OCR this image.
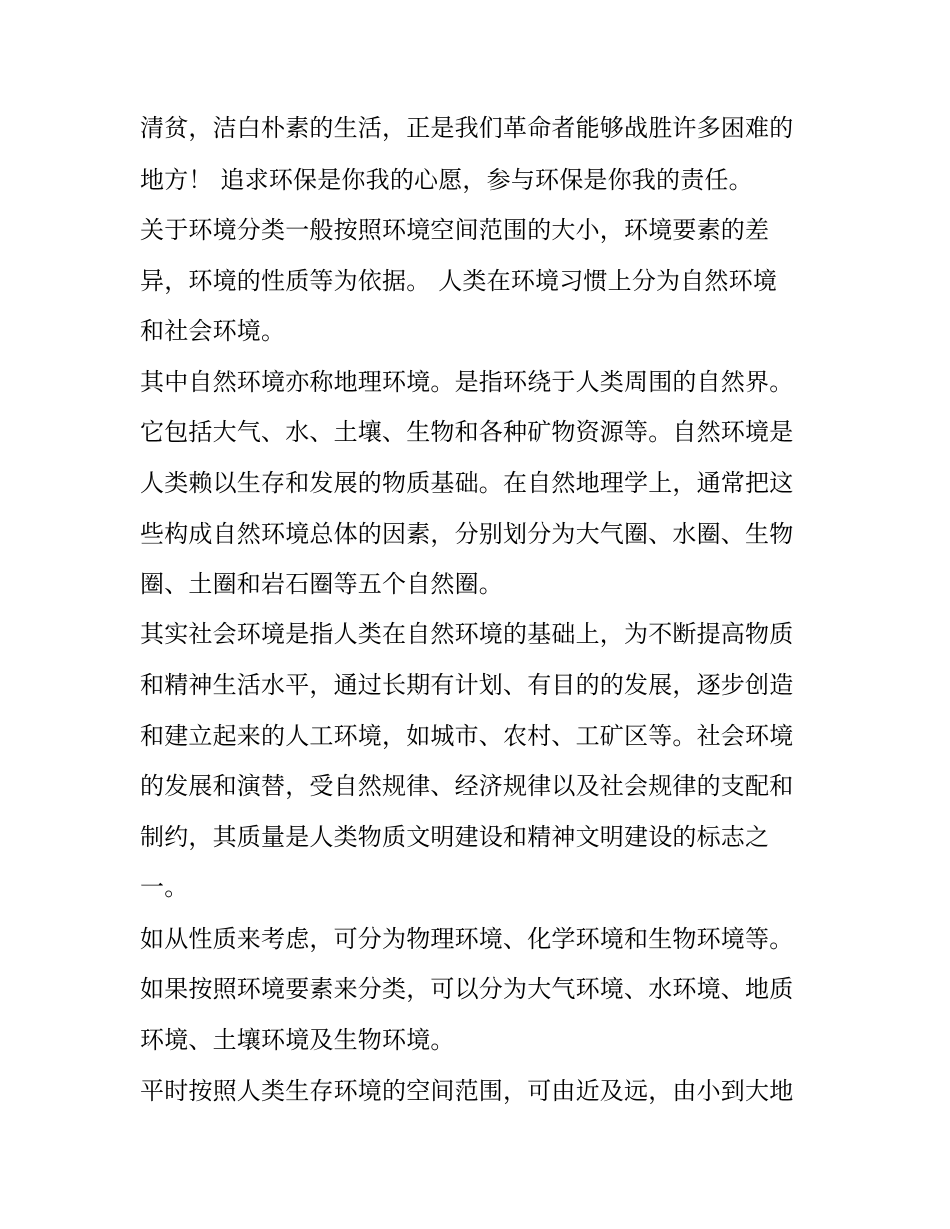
清贫，洁白朴素的生活，正是我们革命者能够战胜许多困难的
地方！ 追求环保是你我的心愿，参与环保是你我的责任。
关于环境分类一般按照环境空间范围的大小，环境要素的差
异，环境的性质等为依据。 人类在环境习惯上分为自然环境
和社会环境。
其中自然环境亦称地理环境。是指环绕于人类周围的自然界。
它包括大气、水、土壤、生物和各种矿物资源等。自然环境是
人类赖以生存和发展的物质基础。在自然地理学上，通常把这
些构成自然环境总体的因素，分别划分为大气圈、水圈、生物
圈、土圈和岩石圈等五个自然圈。
其实社会环境是指人类在自然环境的基础上，为不断提高物质
和精神生活水平，通过长期有计划、有目的的发展，逐步创造
和建立起来的人工环境，如城市、农村、工矿区等。社会环境
的发展和演替，受自然规律、经济规律以及社会规律的支配和
制约，其质量是人类物质文明建设和精神文明建设的标志之
一。
如从性质来考虑，可分为物理环境、化学环境和生物环境等。
如果按照环境要素来分类，可以分为大气环境、水环境、地质
环境、土壤环境及生物环境。
平时按照人类生存环境的空间范围，可由近及远，由小到大地
